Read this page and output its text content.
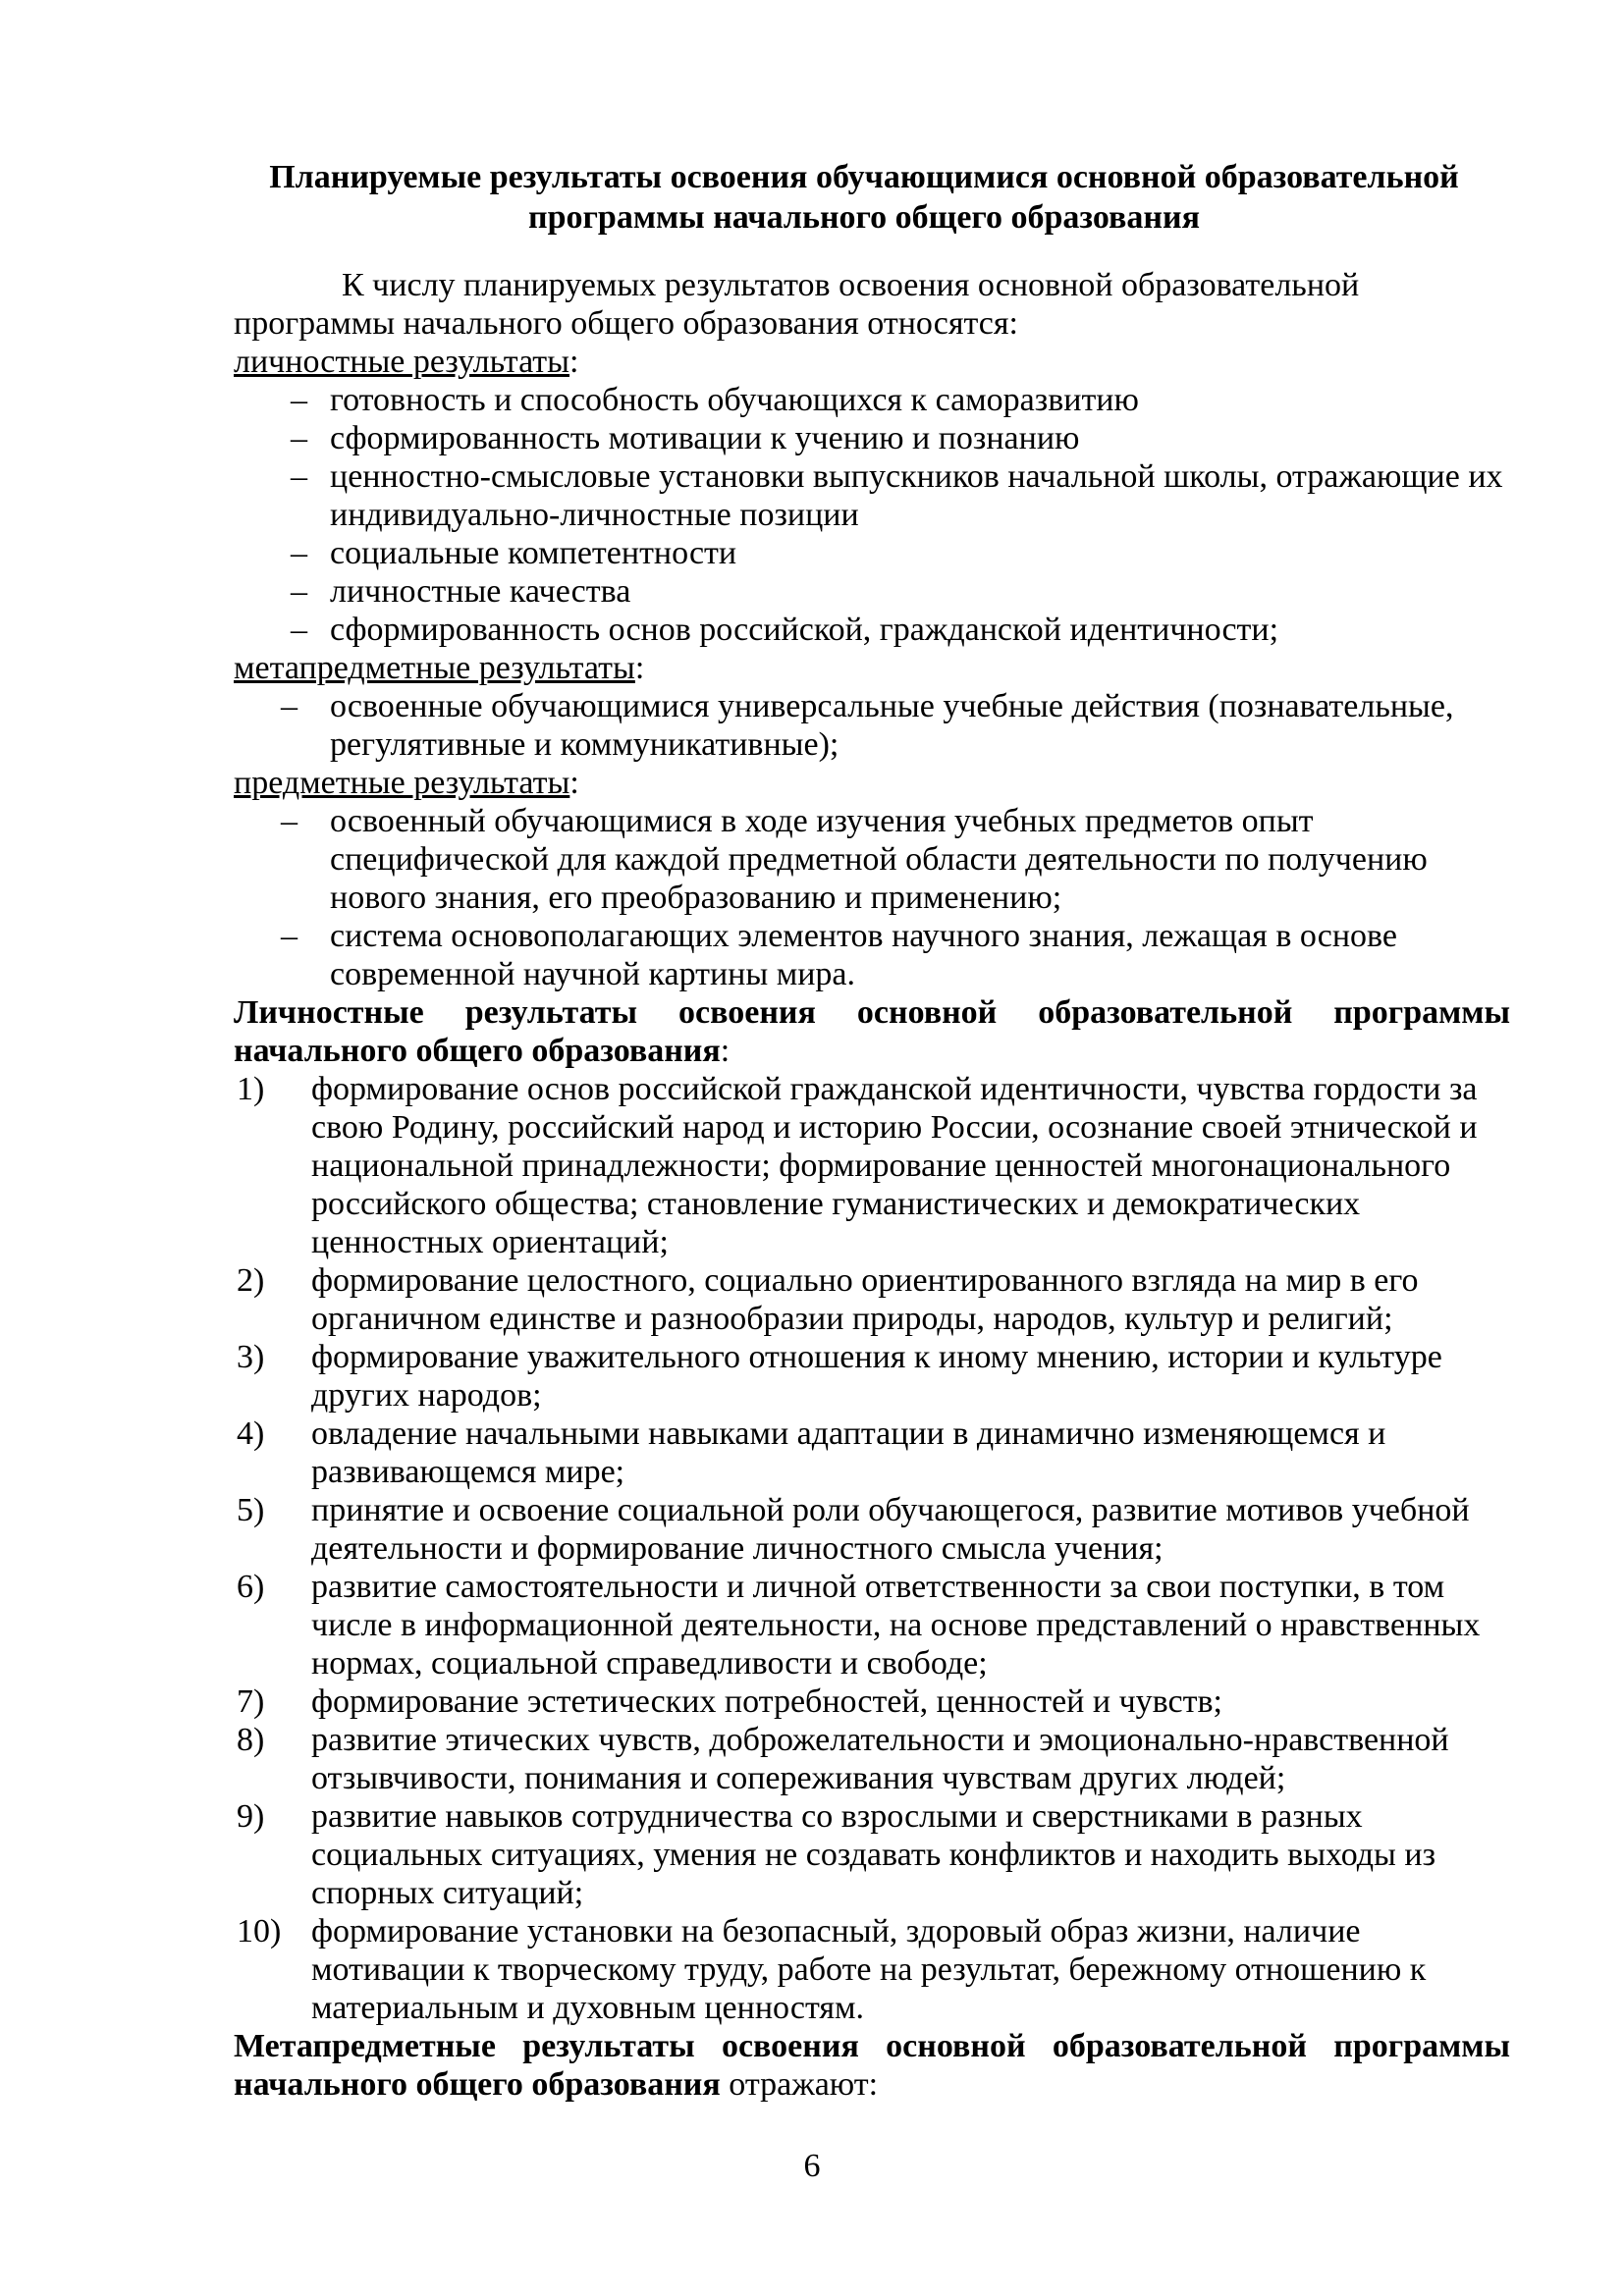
Планируемые результаты освоения обучающимися основной образовательной
программы начального общего образования
К числу планируемых результатов освоения основной образовательной программы начального общего образования относятся:
личностные результаты:
– готовность и способность обучающихся к саморазвитию
– сформированность мотивации к учению и познанию
– ценностно-смысловые установки выпускников начальной школы, отражающие их индивидуально-личностные позиции
– социальные компетентности
– личностные качества
– сформированность основ российской, гражданской идентичности;
метапредметные результаты:
– освоенные обучающимися универсальные учебные действия (познавательные, регулятивные и коммуникативные);
предметные результаты:
– освоенный обучающимися в ходе изучения учебных предметов опыт специфической для каждой предметной области деятельности по получению нового знания, его преобразованию и применению;
– система основополагающих элементов научного знания, лежащая в основе современной научной картины мира.
Личностные результаты освоения основной образовательной программы
начального общего образования:
1) формирование основ российской гражданской идентичности, чувства гордости за свою Родину, российский народ и историю России, осознание своей этнической и национальной принадлежности; формирование ценностей многонационального российского общества; становление гуманистических и демократических ценностных ориентаций;
2) формирование целостного, социально ориентированного взгляда на мир в его органичном единстве и разнообразии природы, народов, культур и религий;
3) формирование уважительного отношения к иному мнению, истории и культуре других народов;
4) овладение начальными навыками адаптации в динамично изменяющемся и развивающемся мире;
5) принятие и освоение социальной роли обучающегося, развитие мотивов учебной деятельности и формирование личностного смысла учения;
6) развитие самостоятельности и личной ответственности за свои поступки, в том числе в информационной деятельности, на основе представлений о нравственных нормах, социальной справедливости и свободе;
7) формирование эстетических потребностей, ценностей и чувств;
8) развитие этических чувств, доброжелательности и эмоционально-нравственной отзывчивости, понимания и сопереживания чувствам других людей;
9) развитие навыков сотрудничества со взрослыми и сверстниками в разных социальных ситуациях, умения не создавать конфликтов и находить выходы из спорных ситуаций;
10) формирование установки на безопасный, здоровый образ жизни, наличие мотивации к творческому труду, работе на результат, бережному отношению к материальным и духовным ценностям.
Метапредметные результаты освоения основной образовательной программы
начального общего образования отражают:
6
